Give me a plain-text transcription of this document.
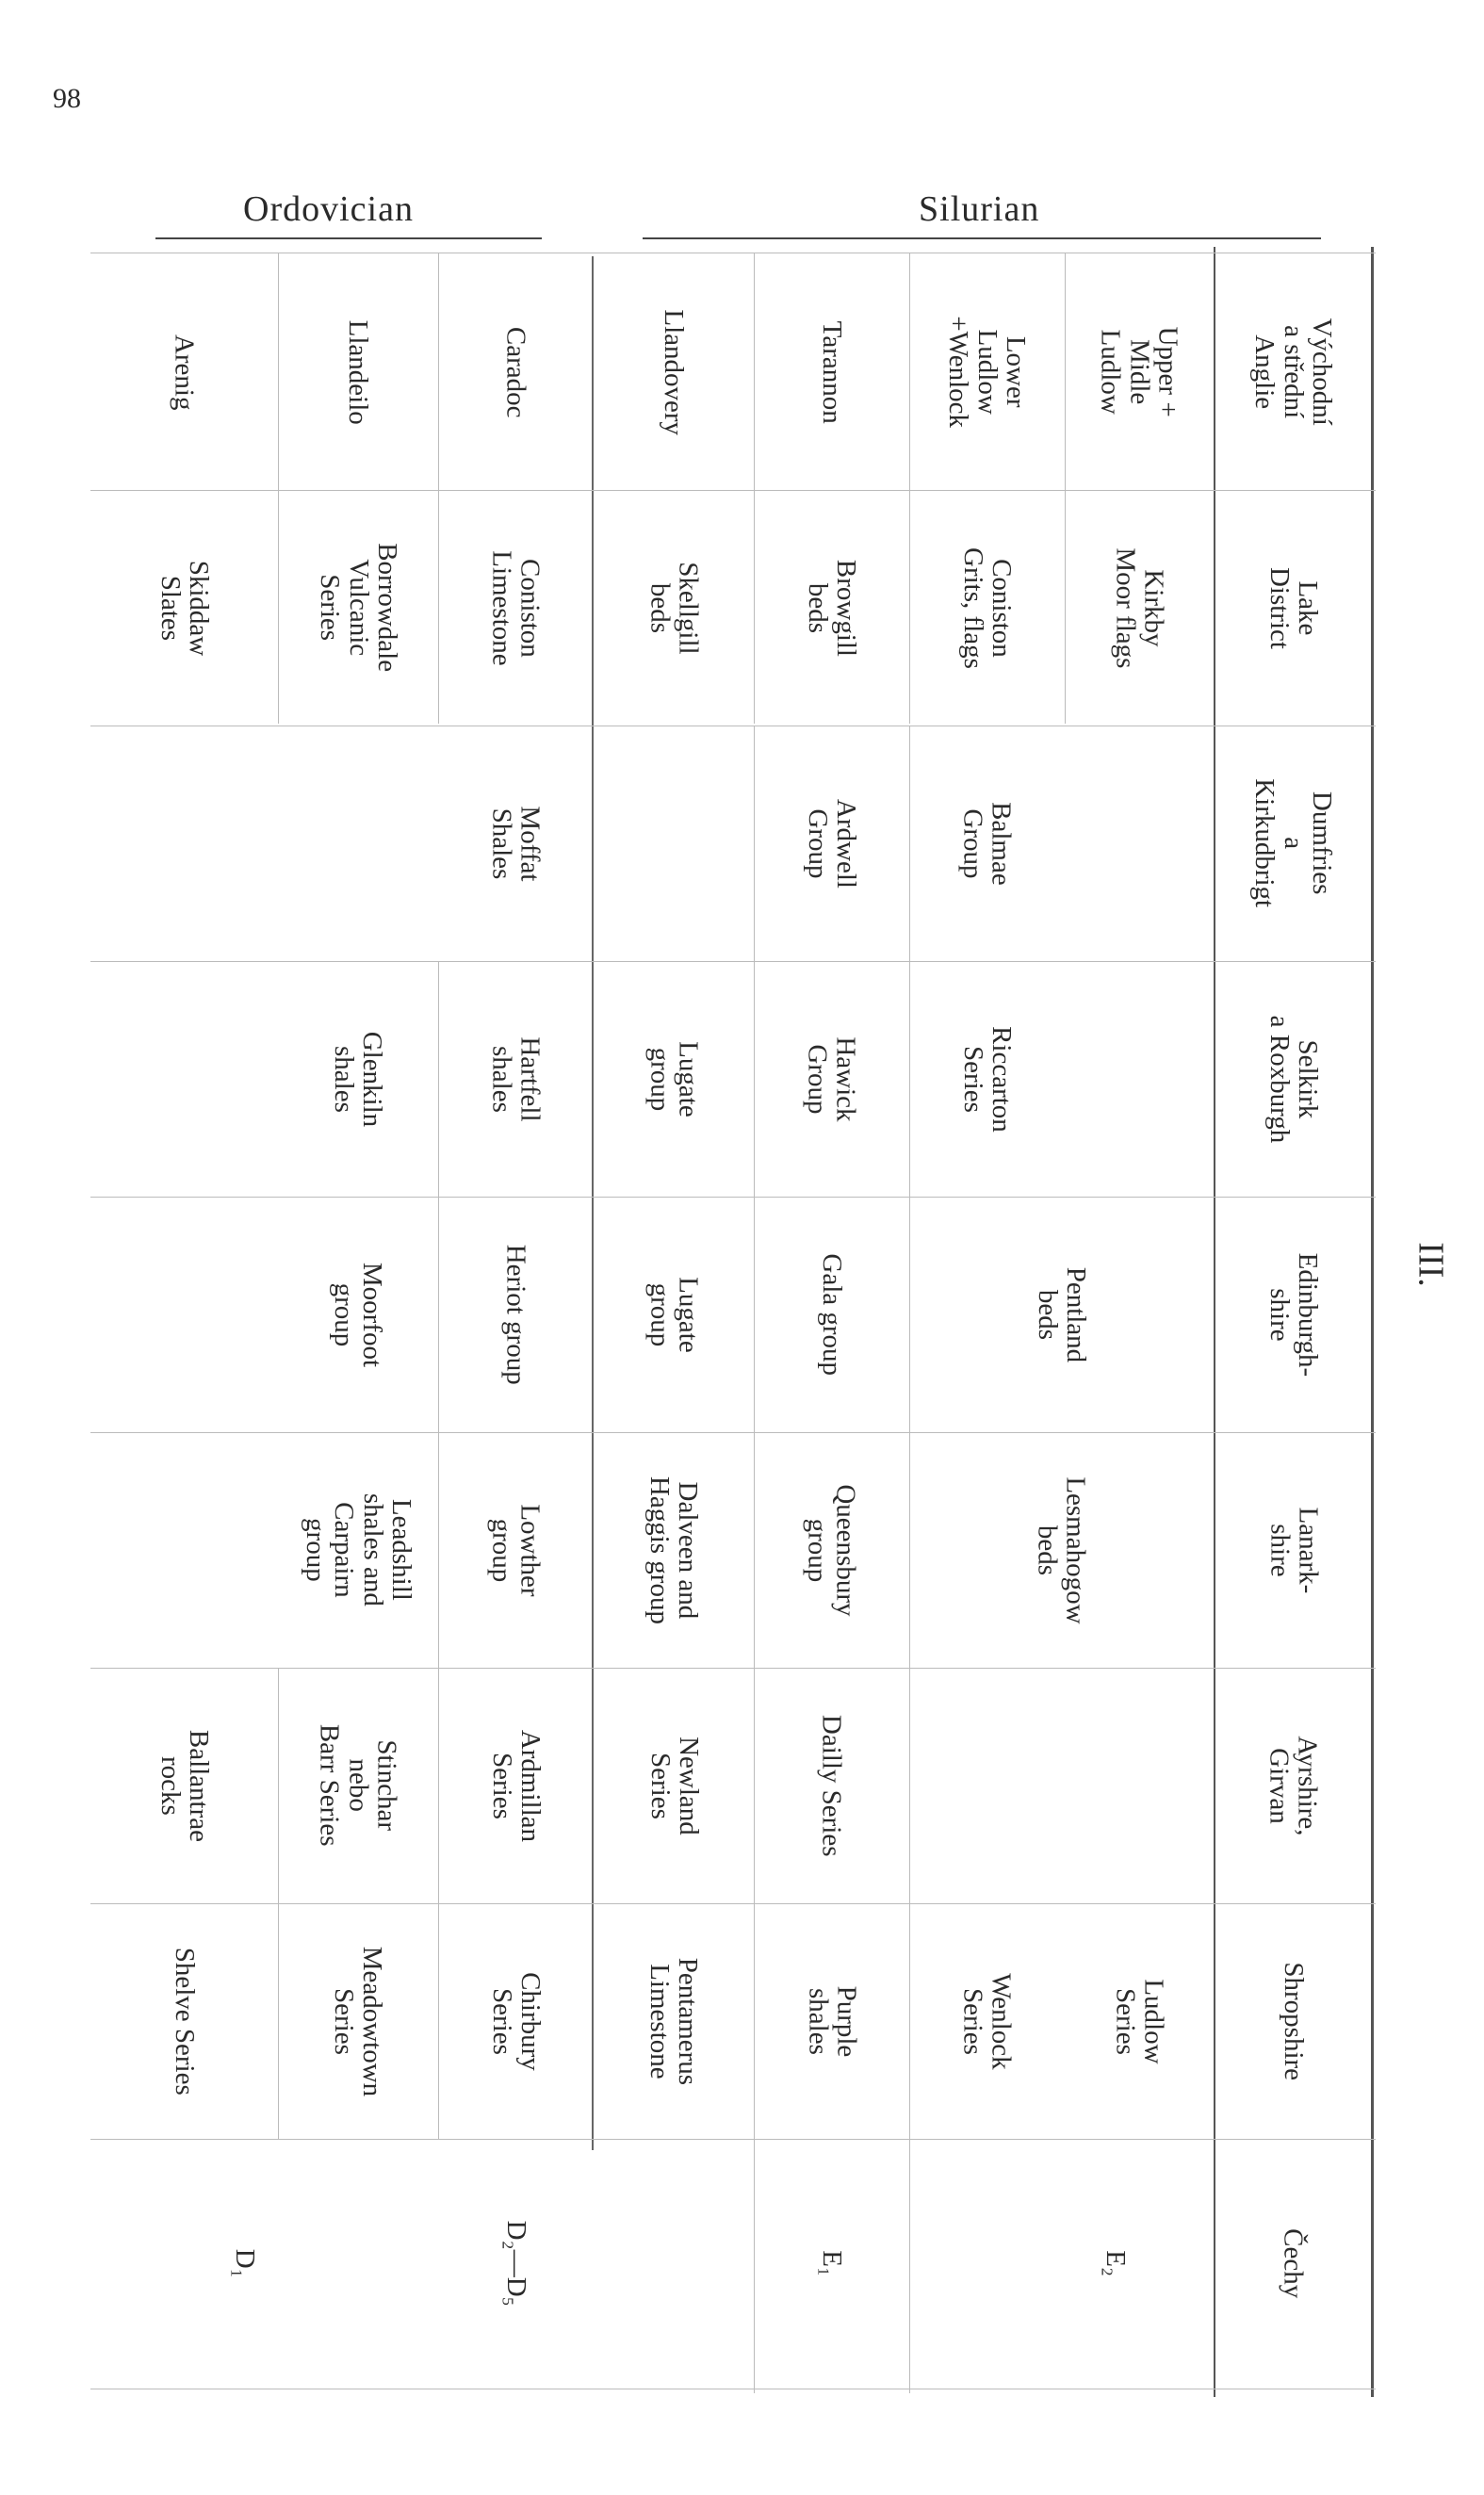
98
Ordovician	Silurian
III.
Východní
a střední
Anglie
Upper +
Midle Ludlow
Lower
Ludlow
+Wenlock
Tarannon
Llandovery
Caradoc
Llandeilo
Arenig
Lake
District
Kirkby
Moor flags
Coniston
Grits, flags
Browgill
beds
Skellgill
beds
Coniston
Limestone
Borrowdale
Vulcanic
Series
Skiddaw
Slates
Dumfries
a
Kirkudbrigt
Balmae
Group
Ardwell
Group
Moffat
Shales
Selkirk
a Roxburgh
Riccarton
Series
Hawick
Group
Lugate
group
Hartfell
shales
Glenkiln
shales
Edinburgh-
shire
Pentland
beds
Gala group
Lugate
group
Heriot group
Moorfoot
group
Lanark-
shire
Lesmahogow
beds
Queensbury
group
Dalveen and
Haggis group
Lowther
group
Leadshill
shales and
Carpairn
group
Ayrshire,
Girvan
Dailly Series
Newland
Series
Ardmillan
Series
Stinchar
nebo
Barr Series
Ballantrae
rocks
Shropshire
Ludlow
Series
Wenlock
Series
Purple
shales
Pentamerus
Limestone
Chirbury
Series
Meadowtown
Series
Shelve Series
Čechy
E₂
E₁
D₂—D₅
D₁
